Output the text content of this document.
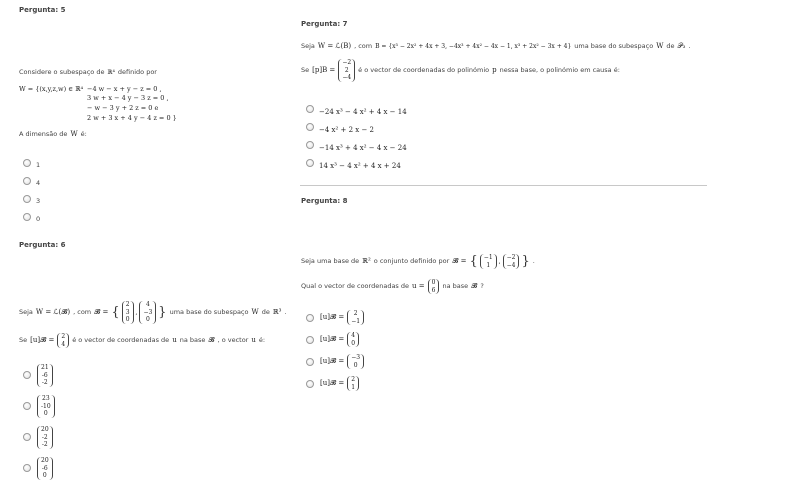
Pergunta: 5
Considere o subespaço de ℝ⁴ definido por
W = {(x,y,z,w) ∈ ℝ⁴ −4 w − x + y − z = 0 ,
3 w + x − 4 y − 3 z = 0 ,
− w − 3 y + 2 z = 0 e
2 w + 3 x + 4 y − 4 z = 0 }
A dimensão de W é:
1
4
3
0
Pergunta: 6
Seja W = ℒ(𝓑) , com 𝓑 = {
2
3
0
,
4
−3
0 } uma base do subespaço W de ℝ³ .
Se [u]𝓑 = 2
4 é o vector de coordenadas de u na base 𝓑 , o vector u é:
21
-6
-2
23
-10
0
20
-2
-2
20
-6
0
Pergunta: 7
Seja W = ℒ(B) , com B = {x³ − 2x² + 4x + 3, −4x³ + 4x² − 4x − 1, x³ + 2x² − 3x + 4} uma base do subespaço W de 𝒫₃ .
Se [p]B =
−2
2
−4
é o vector de coordenadas do polinómio p nessa base, o polinómio em causa é:
−24 x³ − 4 x² + 4 x − 14
−4 x² + 2 x − 2
−14 x³ + 4 x² − 4 x − 24
14 x³ − 4 x² + 4 x + 24
Pergunta: 8
Seja uma base de ℝ² o conjunto definido por 𝓑 = { −1
1 ,
−2
−4 } .
Qual o vector de coordenadas de u = 0
6 na base 𝓑 ?
[u]𝓑 = 2
−1
[u]𝓑 = 4
0
[u]𝓑 = −3
0
[u]𝓑 = 2
1
